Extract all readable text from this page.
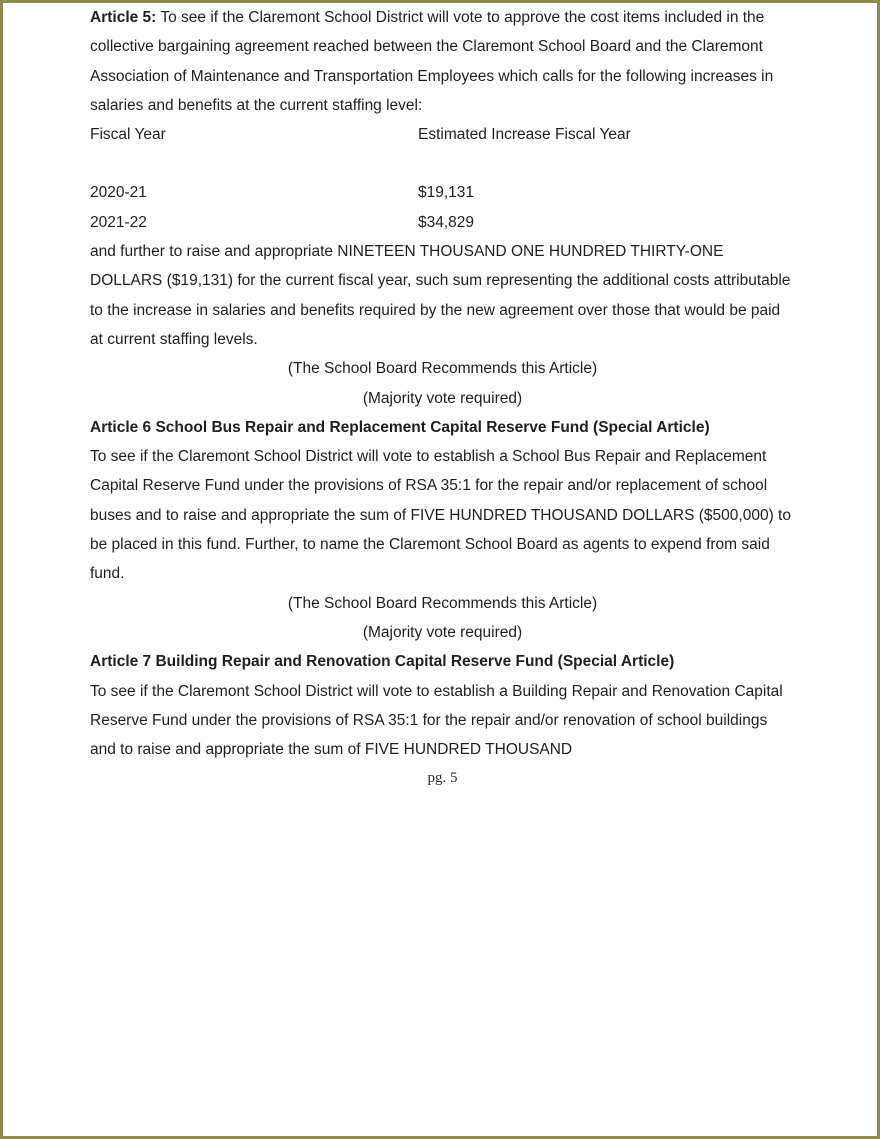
Article 5: To see if the Claremont School District will vote to approve the cost items included in the collective bargaining agreement reached between the Claremont School Board and the Claremont Association of Maintenance and Transportation Employees which calls for the following increases in salaries and benefits at the current staffing level:

Fiscal Year	Estimated Increase Fiscal Year
2020-21	$19,131
2021-22	$34,829

and further to raise and appropriate NINETEEN THOUSAND ONE HUNDRED THIRTY-ONE DOLLARS ($19,131) for the current fiscal year, such sum representing the additional costs attributable to the increase in salaries and benefits required by the new agreement over those that would be paid at current staffing levels.

(The School Board Recommends this Article)

(Majority vote required)

Article 6 School Bus Repair and Replacement Capital Reserve Fund (Special Article)

To see if the Claremont School District will vote to establish a School Bus Repair and Replacement Capital Reserve Fund under the provisions of RSA 35:1 for the repair and/or replacement of school buses and to raise and appropriate the sum of FIVE HUNDRED THOUSAND DOLLARS ($500,000) to be placed in this fund. Further, to name the Claremont School Board as agents to expend from said fund.

(The School Board Recommends this Article)

(Majority vote required)

Article 7 Building Repair and Renovation Capital Reserve Fund (Special Article)

To see if the Claremont School District will vote to establish a Building Repair and Renovation Capital Reserve Fund under the provisions of RSA 35:1 for the repair and/or renovation of school buildings and to raise and appropriate the sum of FIVE HUNDRED THOUSAND

pg. 5
